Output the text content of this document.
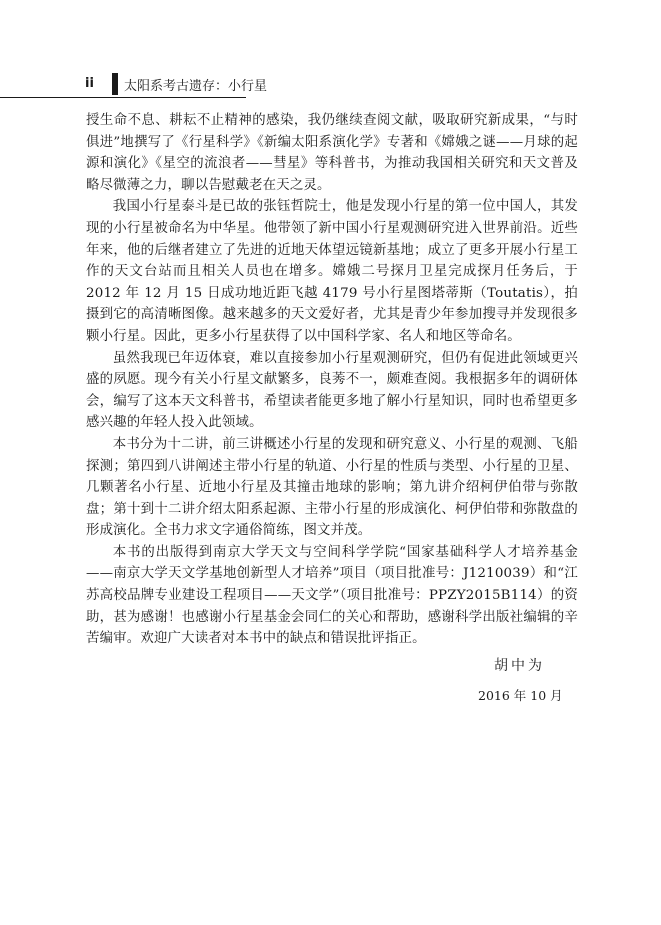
ii 太阳系考古遗存：小行星

授生命不息、耕耘不止精神的感染，我仍继续查阅文献，吸取研究新成果，“与时俱进”地撰写了《行星科学》《新编太阳系演化学》专著和《嫦娥之谜——月球的起源和演化》《星空的流浪者——彗星》等科普书，为推动我国相关研究和天文普及略尽微薄之力，聊以告慰戴老在天之灵。

我国小行星泰斗是已故的张钰哲院士，他是发现小行星的第一位中国人，其发现的小行星被命名为中华星。他带领了新中国小行星观测研究进入世界前沿。近些年来，他的后继者建立了先进的近地天体望远镜新基地；成立了更多开展小行星工作的天文台站而且相关人员也在增多。嫦娥二号探月卫星完成探月任务后，于 2012 年 12 月 15 日成功地近距飞越 4179 号小行星图塔蒂斯（Toutatis），拍摄到它的高清晰图像。越来越多的天文爱好者，尤其是青少年参加搜寻并发现很多颗小行星。因此，更多小行星获得了以中国科学家、名人和地区等命名。

虽然我现已年迈体衰，难以直接参加小行星观测研究，但仍有促进此领域更兴盛的夙愿。现今有关小行星文献繁多，良莠不一，颇难查阅。我根据多年的调研体会，编写了这本天文科普书，希望读者能更多地了解小行星知识，同时也希望更多感兴趣的年轻人投入此领域。

本书分为十二讲，前三讲概述小行星的发现和研究意义、小行星的观测、飞船探测；第四到八讲阐述主带小行星的轨道、小行星的性质与类型、小行星的卫星、几颗著名小行星、近地小行星及其撞击地球的影响；第九讲介绍柯伊伯带与弥散盘；第十到十二讲介绍太阳系起源、主带小行星的形成演化、柯伊伯带和弥散盘的形成演化。全书力求文字通俗简练，图文并茂。

本书的出版得到南京大学天文与空间科学学院“国家基础科学人才培养基金——南京大学天文学基地创新型人才培养”项目（项目批准号：J1210039）和“江苏高校品牌专业建设工程项目——天文学”（项目批准号：PPZY2015B114）的资助，甚为感谢！也感谢小行星基金会同仁的关心和帮助，感谢科学出版社编辑的辛苦编审。欢迎广大读者对本书中的缺点和错误批评指正。

胡中为
2016 年 10 月
